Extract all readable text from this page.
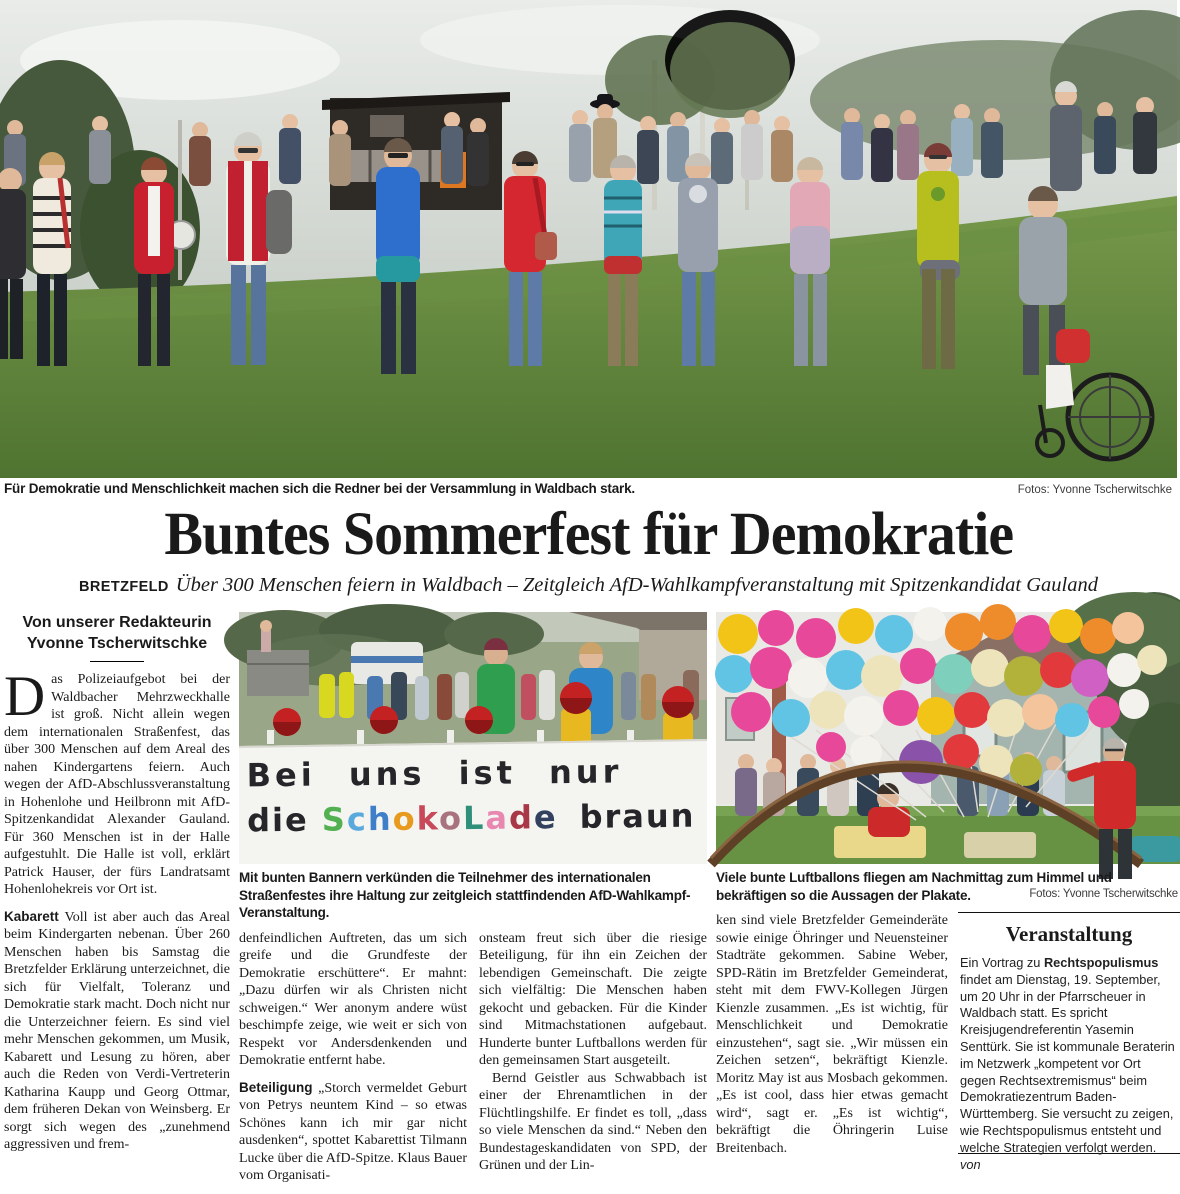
Für Demokratie und Menschlichkeit machen sich die Redner bei der Versammlung in Waldbach stark.	Fotos: Yvonne Tscherwitschke
Buntes Sommerfest für Demokratie
BRETZFELD Über 300 Menschen feiern in Waldbach – Zeitgleich AfD-Wahlkampfveranstaltung mit Spitzenkandidat Gauland
Von unserer Redakteurin
Yvonne Tscherwitschke
Das Polizeiaufgebot bei der Waldbacher Mehrzweckhalle ist groß. Nicht allein wegen dem internationalen Straßenfest, das über 300 Menschen auf dem Areal des nahen Kindergartens feiern. Auch wegen der AfD-Abschlussveranstaltung in Hohenlohe und Heilbronn mit AfD-Spitzenkandidat Alexander Gauland. Für 360 Menschen ist in der Halle aufgestuhlt. Die Halle ist voll, erklärt Patrick Hauser, der fürs Landratsamt Hohenlohekreis vor Ort ist.
Kabarett Voll ist aber auch das Areal beim Kindergarten nebenan. Über 260 Menschen haben bis Samstag die Bretzfelder Erklärung unterzeichnet, die sich für Vielfalt, Toleranz und Demokratie stark macht. Doch nicht nur die Unterzeichner feiern. Es sind viel mehr Menschen gekommen, um Musik, Kabarett und Lesung zu hören, aber auch die Reden von Verdi-Vertreterin Katharina Kaupp und Georg Ottmar, dem früheren Dekan von Weinsberg. Er sorgt sich wegen des „zunehmend aggressiven und frem-
Bei uns ist nur
die SchokoLade braun
Mit bunten Bannern verkünden die Teilnehmer des internationalen Straßenfestes ihre Haltung zur zeitgleich stattfindenden AfD-Wahlkampf-Veranstaltung.
denfeindlichen Auftreten, das um sich greife und die Grundfeste der Demokratie erschüttere“. Er mahnt: „Dazu dürfen wir als Christen nicht schweigen.“ Wer anonym andere wüst beschimpfe zeige, wie weit er sich von Respekt vor Andersdenkenden und Demokratie entfernt habe.
Beteiligung „Storch vermeldet Geburt von Petrys neuntem Kind – so etwas Schönes kann ich mir gar nicht ausdenken“, spottet Kabarettist Tilmann Lucke über die AfD-Spitze. Klaus Bauer vom Organisati-
onsteam freut sich über die riesige Beteiligung, für ihn ein Zeichen der lebendigen Gemeinschaft. Die zeigte sich vielfältig: Die Menschen haben gekocht und gebacken. Für die Kinder sind Mitmachstationen aufgebaut. Hunderte bunter Luftballons werden für den gemeinsamen Start ausgeteilt.
Bernd Geistler aus Schwabbach ist einer der Ehrenamtlichen in der Flüchtlingshilfe. Er findet es toll, „dass so viele Menschen da sind.“ Neben den Bundestageskandidaten von SPD, der Grünen und der Lin-
Viele bunte Luftballons fliegen am Nachmittag zum Himmel und bekräftigen so die Aussagen der Plakate.	Fotos: Yvonne Tscherwitschke
ken sind viele Bretzfelder Gemeinderäte sowie einige Öhringer und Neuensteiner Stadträte gekommen. Sabine Weber, SPD-Rätin im Bretzfelder Gemeinderat, steht mit dem FWV-Kollegen Jürgen Kienzle zusammen. „Es ist wichtig, für Menschlichkeit und Demokratie einzustehen“, sagt sie. „Wir müssen ein Zeichen setzen“, bekräftigt Kienzle. Moritz May ist aus Mosbach gekommen. „Es ist cool, dass hier etwas gemacht wird“, sagt er. „Es ist wichtig“, bekräftigt die Öhringerin Luise Breitenbach.
Veranstaltung
Ein Vortrag zu Rechtspopulismus findet am Dienstag, 19. September, um 20 Uhr in der Pfarrscheuer in Waldbach statt. Es spricht Kreisjugendreferentin Yasemin Senttürk. Sie ist kommunale Beraterin im Netzwerk „kompetent vor Ort gegen Rechtsextremismus“ beim Demokratiezentrum Baden-Württemberg. Sie versucht zu zeigen, wie Rechtspopulismus entsteht und welche Strategien verfolgt werden. von
